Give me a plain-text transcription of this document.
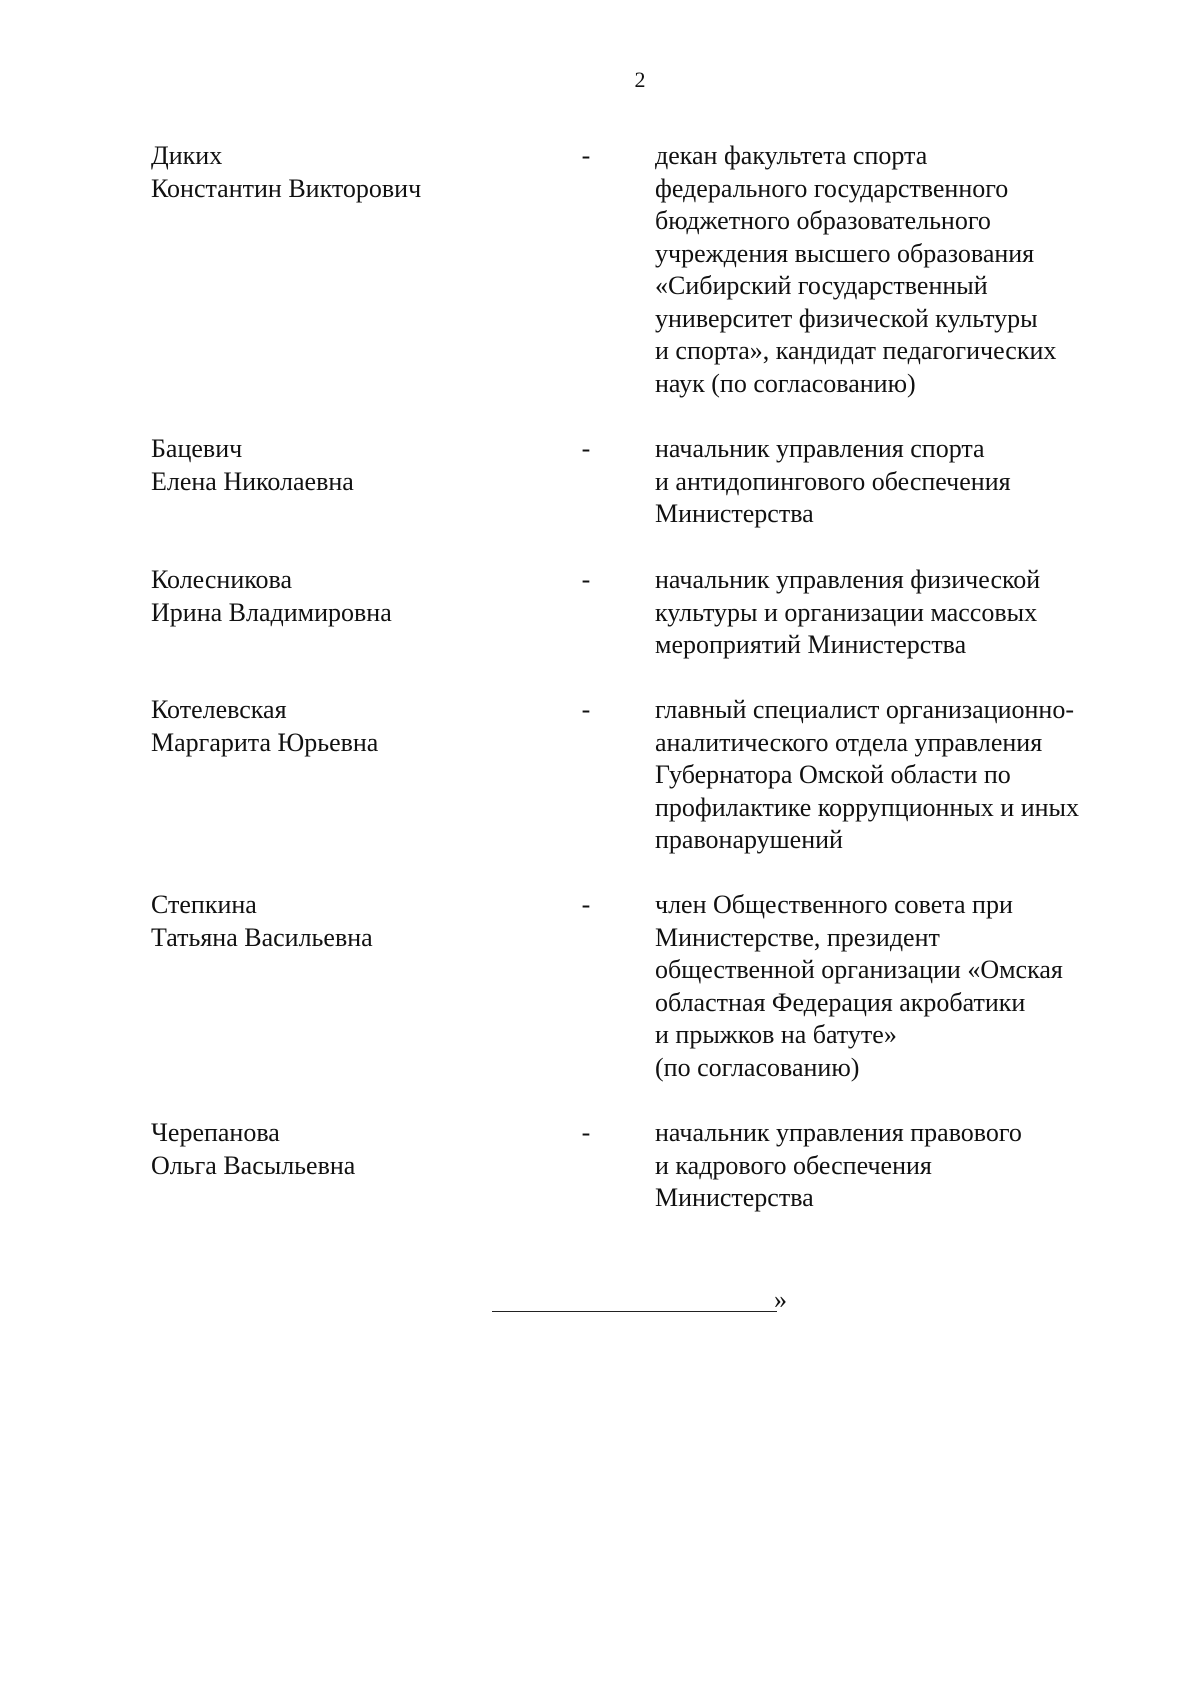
2
Диких
Константин Викторович
- декан факультета спорта
федерального государственного
бюджетного образовательного
учреждения высшего образования
«Сибирский государственный
университет физической культуры
и спорта», кандидат педагогических
наук (по согласованию)
Бацевич
Елена Николаевна
- начальник управления спорта
и антидопингового обеспечения
Министерства
Колесникова
Ирина Владимировна
- начальник управления физической
культуры и организации массовых
мероприятий Министерства
Котелевская
Маргарита Юрьевна
- главный специалист организационно-
аналитического отдела управления
Губернатора Омской области по
профилактике коррупционных и иных
правонарушений
Степкина
Татьяна Васильевна
- член Общественного совета при
Министерстве, президент
общественной организации «Омская
областная Федерация акробатики
и прыжков на батуте»
(по согласованию)
Черепанова
Ольга Васыльевна
- начальник управления правового
и кадрового обеспечения
Министерства
»
